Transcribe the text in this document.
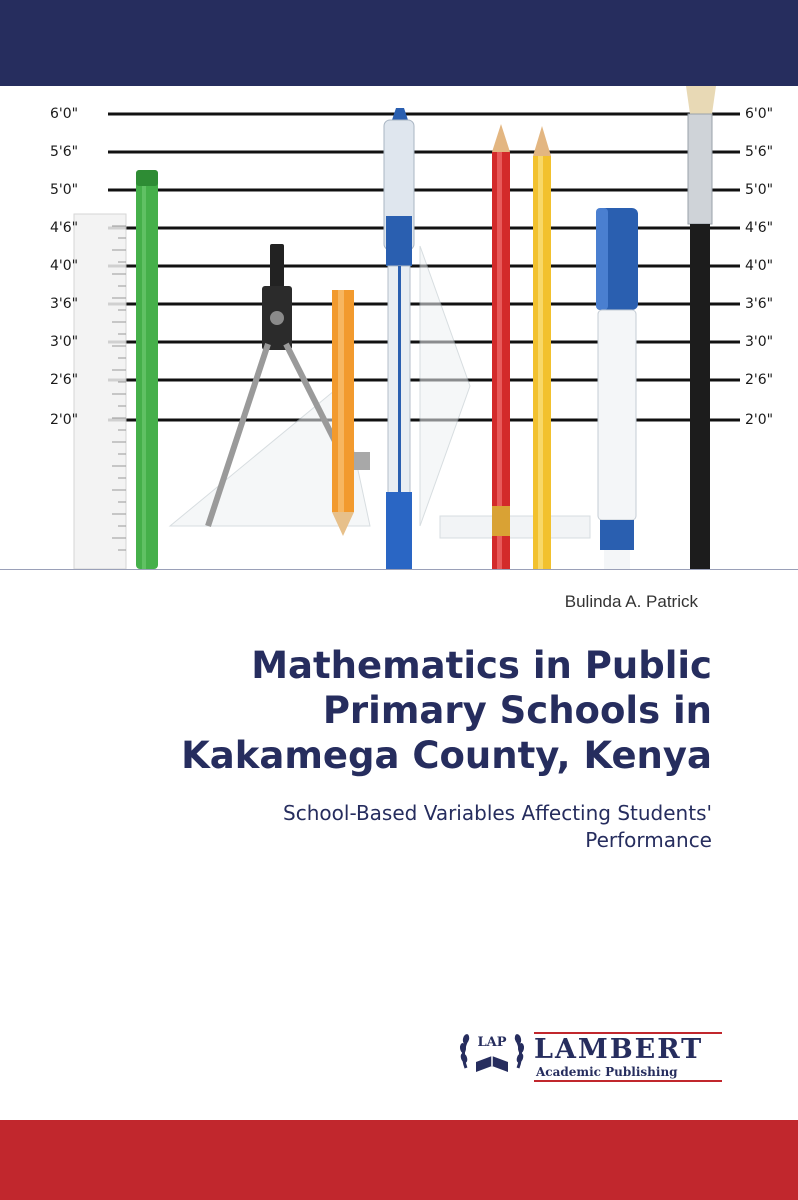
6'0"
5'6"
5'0"
4'6"
4'0"
3'6"
3'0"
2'6"
2'0"
6'0"
5'6"
5'0"
4'6"
4'0"
3'6"
3'0"
2'6"
2'0"
Bulinda A. Patrick
Mathematics in Public
Primary Schools in
Kakamega County, Kenya
School-Based Variables Affecting Students'
Performance
LAP LAMBERT
Academic Publishing
